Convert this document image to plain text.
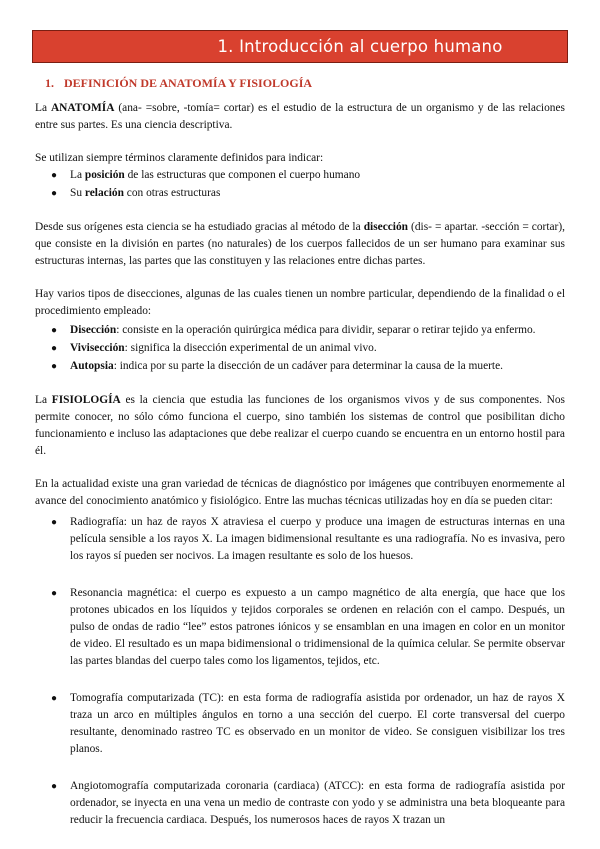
1. Introducción al cuerpo humano
1. DEFINICIÓN DE ANATOMÍA Y FISIOLOGÍA

La ANATOMÍA (ana- =sobre, -tomía= cortar) es el estudio de la estructura de un organismo y de las relaciones entre sus partes. Es una ciencia descriptiva.

Se utilizan siempre términos claramente definidos para indicar:

● La posición de las estructuras que componen el cuerpo humano
● Su relación con otras estructuras

Desde sus orígenes esta ciencia se ha estudiado gracias al método de la disección (dis- = apartar. -sección = cortar), que consiste en la división en partes (no naturales) de los cuerpos fallecidos de un ser humano para examinar sus estructuras internas, las partes que las constituyen y las relaciones entre dichas partes.

Hay varios tipos de disecciones, algunas de las cuales tienen un nombre particular, dependiendo de la finalidad o el procedimiento empleado:

● Disección: consiste en la operación quirúrgica médica para dividir, separar o retirar tejido ya enfermo.
● Vivisección: significa la disección experimental de un animal vivo.
● Autopsia: indica por su parte la disección de un cadáver para determinar la causa de la muerte.

La FISIOLOGÍA es la ciencia que estudia las funciones de los organismos vivos y de sus componentes. Nos permite conocer, no sólo cómo funciona el cuerpo, sino también los sistemas de control que posibilitan dicho funcionamiento e incluso las adaptaciones que debe realizar el cuerpo cuando se encuentra en un entorno hostil para él.

En la actualidad existe una gran variedad de técnicas de diagnóstico por imágenes que contribuyen enormemente al avance del conocimiento anatómico y fisiológico. Entre las muchas técnicas utilizadas hoy en día se pueden citar:

● Radiografía: un haz de rayos X atraviesa el cuerpo y produce una imagen de estructuras internas en una película sensible a los rayos X. La imagen bidimensional resultante es una radiografía. No es invasiva, pero los rayos sí pueden ser nocivos. La imagen resultante es solo de los huesos.
● Resonancia magnética: el cuerpo es expuesto a un campo magnético de alta energía, que hace que los protones ubicados en los líquidos y tejidos corporales se ordenen en relación con el campo. Después, un pulso de ondas de radio “lee” estos patrones iónicos y se ensamblan en una imagen en color en un monitor de video. El resultado es un mapa bidimensional o tridimensional de la química celular. Se permite observar las partes blandas del cuerpo tales como los ligamentos, tejidos, etc.
● Tomografía computarizada (TC): en esta forma de radiografía asistida por ordenador, un haz de rayos X traza un arco en múltiples ángulos en torno a una sección del cuerpo. El corte transversal del cuerpo resultante, denominado rastreo TC es observado en un monitor de video. Se consiguen visibilizar los tres planos.
● Angiotomografía computarizada coronaria (cardiaca) (ATCC): en esta forma de radiografía asistida por ordenador, se inyecta en una vena un medio de contraste con yodo y se administra una beta bloqueante para reducir la frecuencia cardiaca. Después, los numerosos haces de rayos X trazan un
